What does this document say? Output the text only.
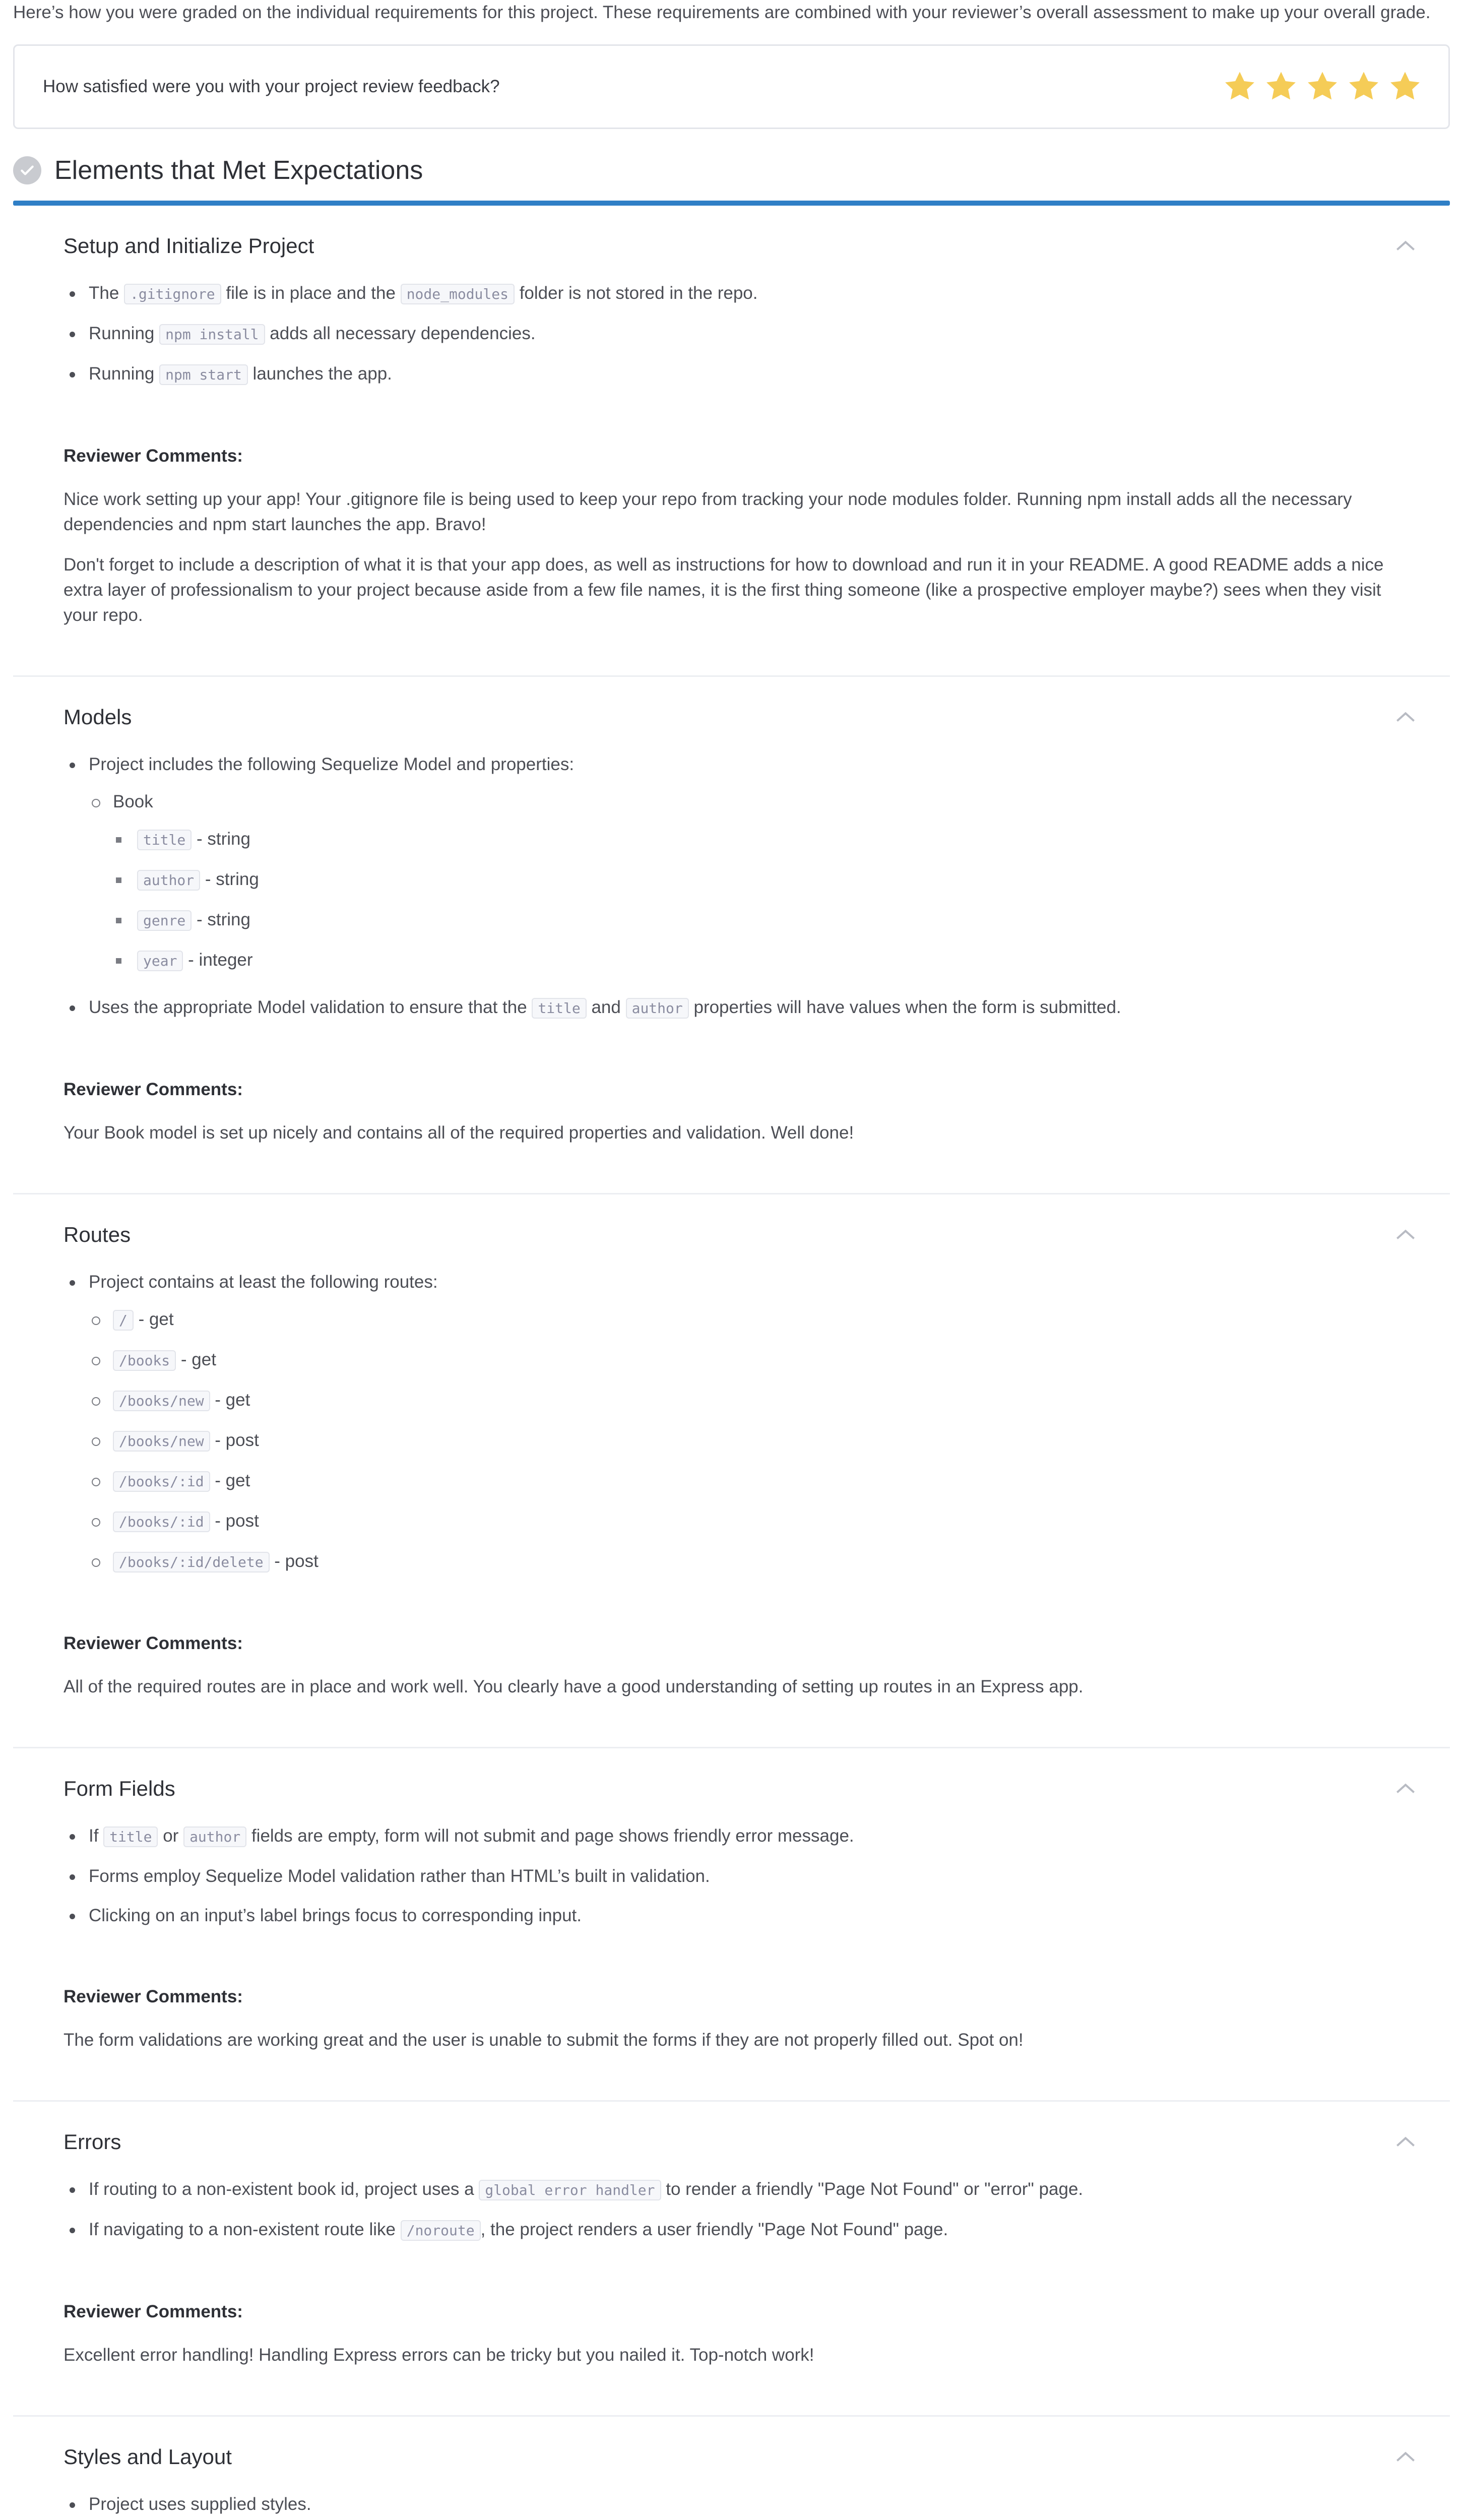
Here’s how you were graded on the individual requirements for this project. These requirements are combined with your reviewer’s overall assessment to make up your overall grade.

How satisfied were you with your project review feedback?
Elements that Met Expectations
Setup and Initialize Project
The .gitignore file is in place and the node_modules folder is not stored in the repo.
Running npm install adds all necessary dependencies.
Running npm start launches the app.
Reviewer Comments:

Nice work setting up your app! Your .gitignore file is being used to keep your repo from tracking your node modules folder. Running npm install adds all the necessary dependencies and npm start launches the app. Bravo!

Don't forget to include a description of what it is that your app does, as well as instructions for how to download and run it in your README. A good README adds a nice extra layer of professionalism to your project because aside from a few file names, it is the first thing someone (like a prospective employer maybe?) sees when they visit your repo.

Models
Project includes the following Sequelize Model and properties:
Book
title - string
author - string
genre - string
year - integer
Uses the appropriate Model validation to ensure that the title and author properties will have values when the form is submitted.
Reviewer Comments:

Your Book model is set up nicely and contains all of the required properties and validation. Well done!

Routes
Project contains at least the following routes:
/ - get
/books - get
/books/new - get
/books/new - post
/books/:id - get
/books/:id - post
/books/:id/delete - post
Reviewer Comments:

All of the required routes are in place and work well. You clearly have a good understanding of setting up routes in an Express app.

Form Fields
If title or author fields are empty, form will not submit and page shows friendly error message.
Forms employ Sequelize Model validation rather than HTML’s built in validation.
Clicking on an input’s label brings focus to corresponding input.
Reviewer Comments:

The form validations are working great and the user is unable to submit the forms if they are not properly filled out. Spot on!

Errors
If routing to a non-existent book id, project uses a global error handler to render a friendly "Page Not Found" or "error" page.
If navigating to a non-existent route like /noroute , the project renders a user friendly "Page Not Found" page.
Reviewer Comments:

Excellent error handling! Handling Express errors can be tricky but you nailed it. Top-notch work!

Styles and Layout
Project uses supplied styles.
